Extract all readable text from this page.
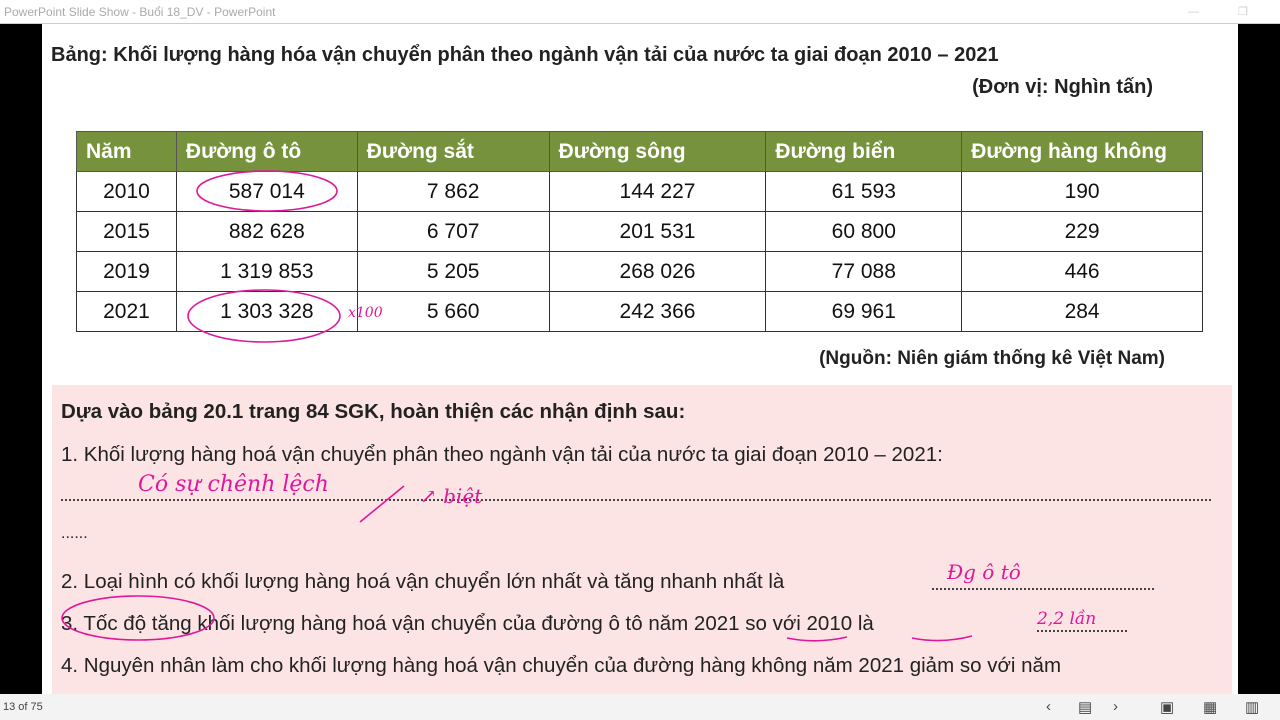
PowerPoint Slide Show - Buổi 18_DV - PowerPoint	—	❐
Bảng: Khối lượng hàng hóa vận chuyển phân theo ngành vận tải của nước ta giai đoạn 2010 – 2021
(Đơn vị: Nghìn tấn)
Năm	Đường ô tô	Đường sắt	Đường sông	Đường biển	Đường hàng không
2010	587 014	7 862	144 227	61 593	190
2015	882 628	6 707	201 531	60 800	229
2019	1 319 853	5 205	268 026	77 088	446
2021	1 303 328	5 660	242 366	69 961	284
(Nguồn: Niên giám thống kê Việt Nam)
Dựa vào bảng 20.1 trang 84 SGK, hoàn thiện các nhận định sau:
1. Khối lượng hàng hoá vận chuyển phân theo ngành vận tải của nước ta giai đoạn 2010 – 2021:
......
2. Loại hình có khối lượng hàng hoá vận chuyển lớn nhất và tăng nhanh nhất là
3. Tốc độ tăng khối lượng hàng hoá vận chuyển của đường ô tô năm 2021 so với 2010 là
4. Nguyên nhân làm cho khối lượng hàng hoá vận chuyển của đường hàng không năm 2021 giảm so với năm
Có sự chênh lệch	↗ biệt
Đg ô tô
2,2 lần
x100
13 of 75	‹ ▤ ›	▣ ▦ ▥
